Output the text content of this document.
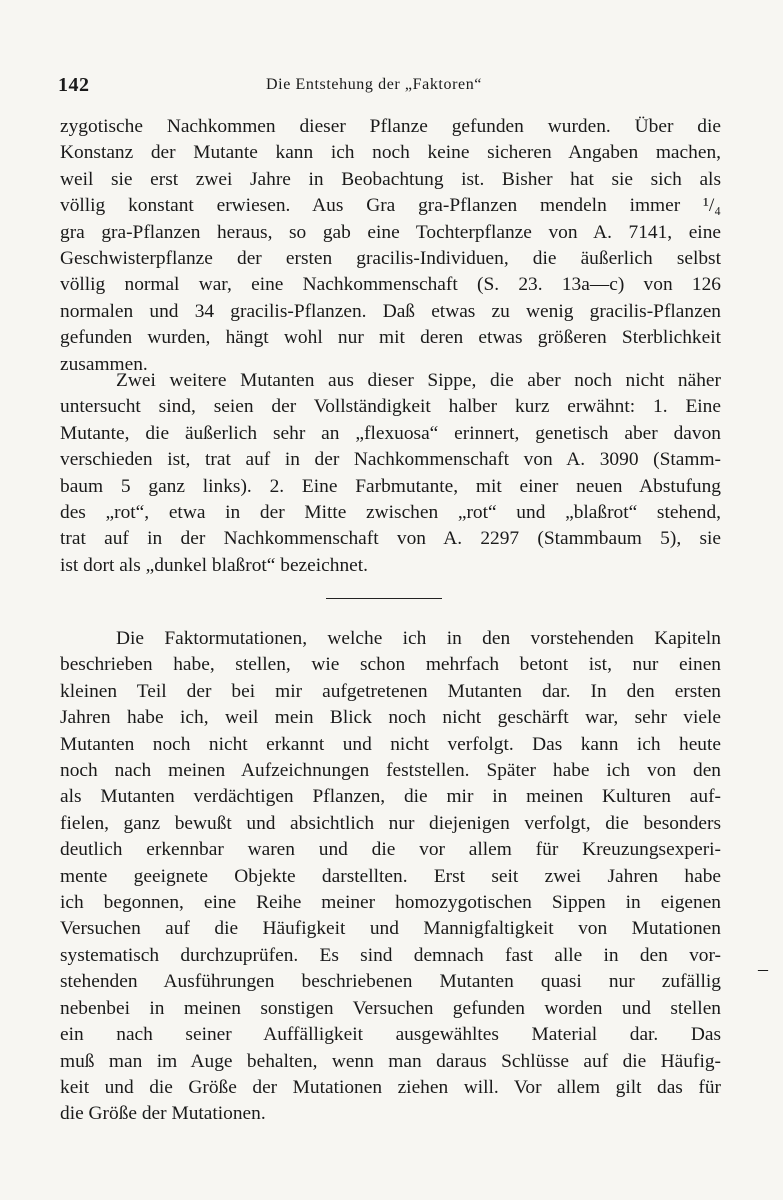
142	Die Entstehung der „Faktoren“
zygotische Nachkommen dieser Pflanze gefunden wurden. Über die
Konstanz der Mutante kann ich noch keine sicheren Angaben machen,
weil sie erst zwei Jahre in Beobachtung ist. Bisher hat sie sich als
völlig konstant erwiesen. Aus Gra gra-Pflanzen mendeln immer ¹/₄
gra gra-Pflanzen heraus, so gab eine Tochterpflanze von A. 7141, eine
Geschwisterpflanze der ersten gracilis-Individuen, die äußerlich selbst
völlig normal war, eine Nachkommenschaft (S. 23. 13a—c) von 126
normalen und 34 gracilis-Pflanzen. Daß etwas zu wenig gracilis-Pflanzen
gefunden wurden, hängt wohl nur mit deren etwas größeren Sterblichkeit
zusammen.
Zwei weitere Mutanten aus dieser Sippe, die aber noch nicht näher
untersucht sind, seien der Vollständigkeit halber kurz erwähnt: 1. Eine
Mutante, die äußerlich sehr an „flexuosa“ erinnert, genetisch aber davon
verschieden ist, trat auf in der Nachkommenschaft von A. 3090 (Stamm-
baum 5 ganz links). 2. Eine Farbmutante, mit einer neuen Abstufung
des „rot“, etwa in der Mitte zwischen „rot“ und „blaßrot“ stehend,
trat auf in der Nachkommenschaft von A. 2297 (Stammbaum 5), sie
ist dort als „dunkel blaßrot“ bezeichnet.
Die Faktormutationen, welche ich in den vorstehenden Kapiteln
beschrieben habe, stellen, wie schon mehrfach betont ist, nur einen
kleinen Teil der bei mir aufgetretenen Mutanten dar. In den ersten
Jahren habe ich, weil mein Blick noch nicht geschärft war, sehr viele
Mutanten noch nicht erkannt und nicht verfolgt. Das kann ich heute
noch nach meinen Aufzeichnungen feststellen. Später habe ich von den
als Mutanten verdächtigen Pflanzen, die mir in meinen Kulturen auf-
fielen, ganz bewußt und absichtlich nur diejenigen verfolgt, die besonders
deutlich erkennbar waren und die vor allem für Kreuzungsexperi-
mente geeignete Objekte darstellten. Erst seit zwei Jahren habe
ich begonnen, eine Reihe meiner homozygotischen Sippen in eigenen
Versuchen auf die Häufigkeit und Mannigfaltigkeit von Mutationen
systematisch durchzuprüfen. Es sind demnach fast alle in den vor-
stehenden Ausführungen beschriebenen Mutanten quasi nur zufällig
nebenbei in meinen sonstigen Versuchen gefunden worden und stellen
ein nach seiner Auffälligkeit ausgewähltes Material dar. Das
muß man im Auge behalten, wenn man daraus Schlüsse auf die Häufig-
keit und die Größe der Mutationen ziehen will. Vor allem gilt das für
die Größe der Mutationen.
–
